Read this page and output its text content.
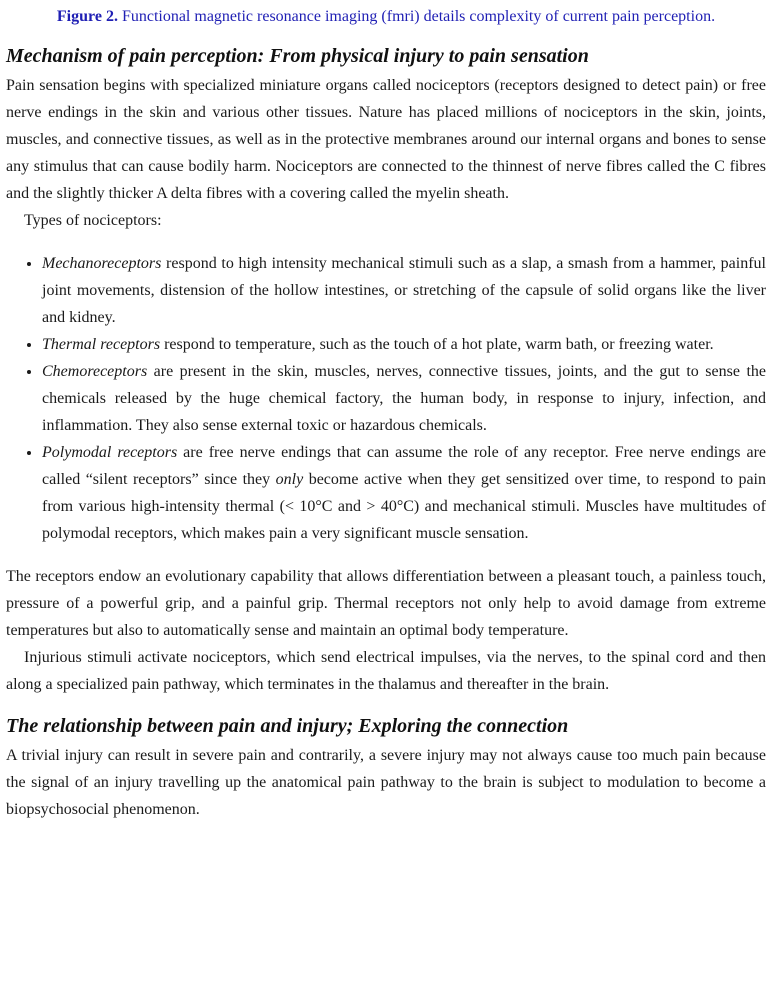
Figure 2. Functional magnetic resonance imaging (fmri) details complexity of current pain perception.
Mechanism of pain perception: From physical injury to pain sensation

Pain sensation begins with specialized miniature organs called nociceptors (receptors designed to detect pain) or free nerve endings in the skin and various other tissues. Nature has placed millions of nociceptors in the skin, joints, muscles, and connective tissues, as well as in the protective membranes around our internal organs and bones to sense any stimulus that can cause bodily harm. Nociceptors are connected to the thinnest of nerve fibres called the C fibres and the slightly thicker A delta fibres with a covering called the myelin sheath.

Types of nociceptors:

• Mechanoreceptors respond to high intensity mechanical stimuli such as a slap, a smash from a hammer, painful joint movements, distension of the hollow intestines, or stretching of the capsule of solid organs like the liver and kidney.
• Thermal receptors respond to temperature, such as the touch of a hot plate, warm bath, or freezing water.
• Chemoreceptors are present in the skin, muscles, nerves, connective tissues, joints, and the gut to sense the chemicals released by the huge chemical factory, the human body, in response to injury, infection, and inflammation. They also sense external toxic or hazardous chemicals.
• Polymodal receptors are free nerve endings that can assume the role of any receptor. Free nerve endings are called “silent receptors” since they only become active when they get sensitized over time, to respond to pain from various high-intensity thermal (< 10°C and > 40°C) and mechanical stimuli. Muscles have multitudes of polymodal receptors, which makes pain a very significant muscle sensation.

The receptors endow an evolutionary capability that allows differentiation between a pleasant touch, a painless touch, pressure of a powerful grip, and a painful grip. Thermal receptors not only help to avoid damage from extreme temperatures but also to automatically sense and maintain an optimal body temperature.

Injurious stimuli activate nociceptors, which send electrical impulses, via the nerves, to the spinal cord and then along a specialized pain pathway, which terminates in the thalamus and thereafter in the brain.

The relationship between pain and injury; Exploring the connection

A trivial injury can result in severe pain and contrarily, a severe injury may not always cause too much pain because the signal of an injury travelling up the anatomical pain pathway to the brain is subject to modulation to become a biopsychosocial phenomenon.
